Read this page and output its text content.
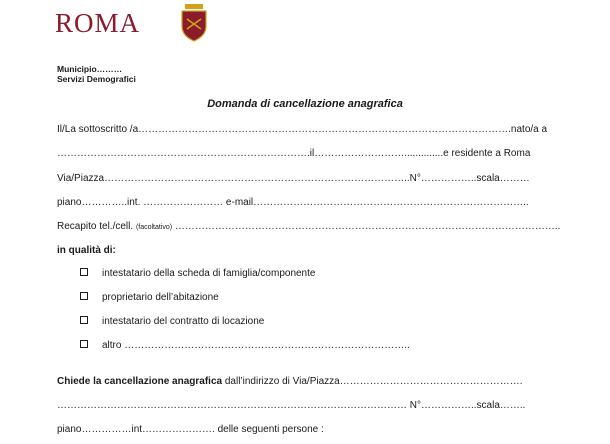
ROMA
Municipio………
Servizi Demografici
Domanda di cancellazione anagrafica
Il/La sottoscritto /a………………………………………………………………………………………………….nato/a a
………………………………………………………………….il………………………..............e residente a Roma
Via/Piazza………………………………………………………………………………..N°……………..scala………
piano…………..int. …………………… e-mail………………………………………………………………………..
Recapito tel./cell. (facoltativo) ……………………………………………………………………………………………………..
in qualità di:
intestatario della scheda di famiglia/componente
proprietario dell’abitazione
intestatario del contratto di locazione
altro …………………………………………………………………………..
Chiede la cancellazione anagrafica dall’indirizzo di Via/Piazza……………………………………………….
…………………………………………………………………………………………… N°……………..scala……..
piano……………int…………………. delle seguenti persone :
